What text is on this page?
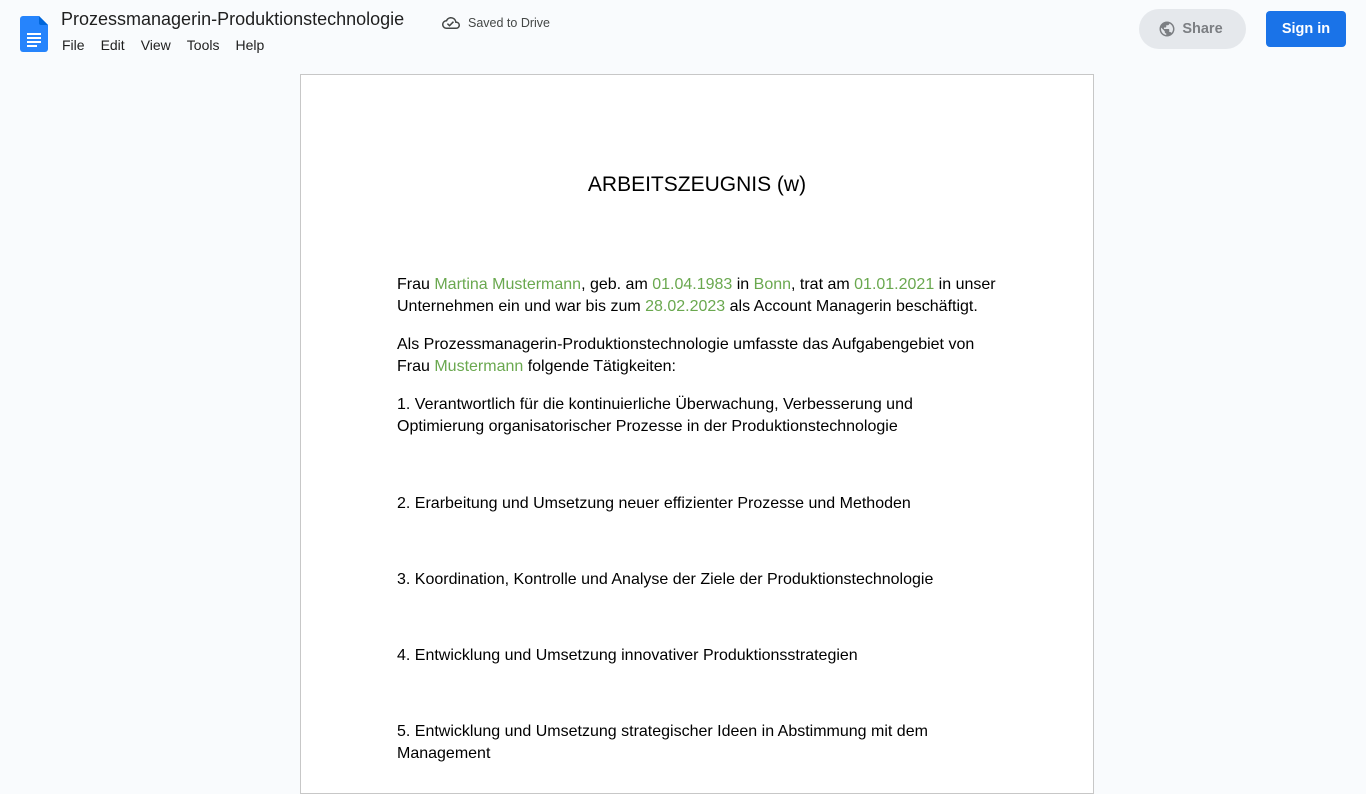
Prozessmanagerin-Produktionstechnologie	Saved to Drive
File	Edit	View	Tools	Help
Share	Sign in
ARBEITSZEUGNIS (w)

Frau Martina Mustermann, geb. am 01.04.1983 in Bonn, trat am 01.01.2021 in unser Unternehmen ein und war bis zum 28.02.2023 als Account Managerin beschäftigt.

Als Prozessmanagerin-Produktionstechnologie umfasste das Aufgabengebiet von Frau Mustermann folgende Tätigkeiten:

1. Verantwortlich für die kontinuierliche Überwachung, Verbesserung und Optimierung organisatorischer Prozesse in der Produktionstechnologie

2. Erarbeitung und Umsetzung neuer effizienter Prozesse und Methoden

3. Koordination, Kontrolle und Analyse der Ziele der Produktionstechnologie

4. Entwicklung und Umsetzung innovativer Produktionsstrategien

5. Entwicklung und Umsetzung strategischer Ideen in Abstimmung mit dem Management
